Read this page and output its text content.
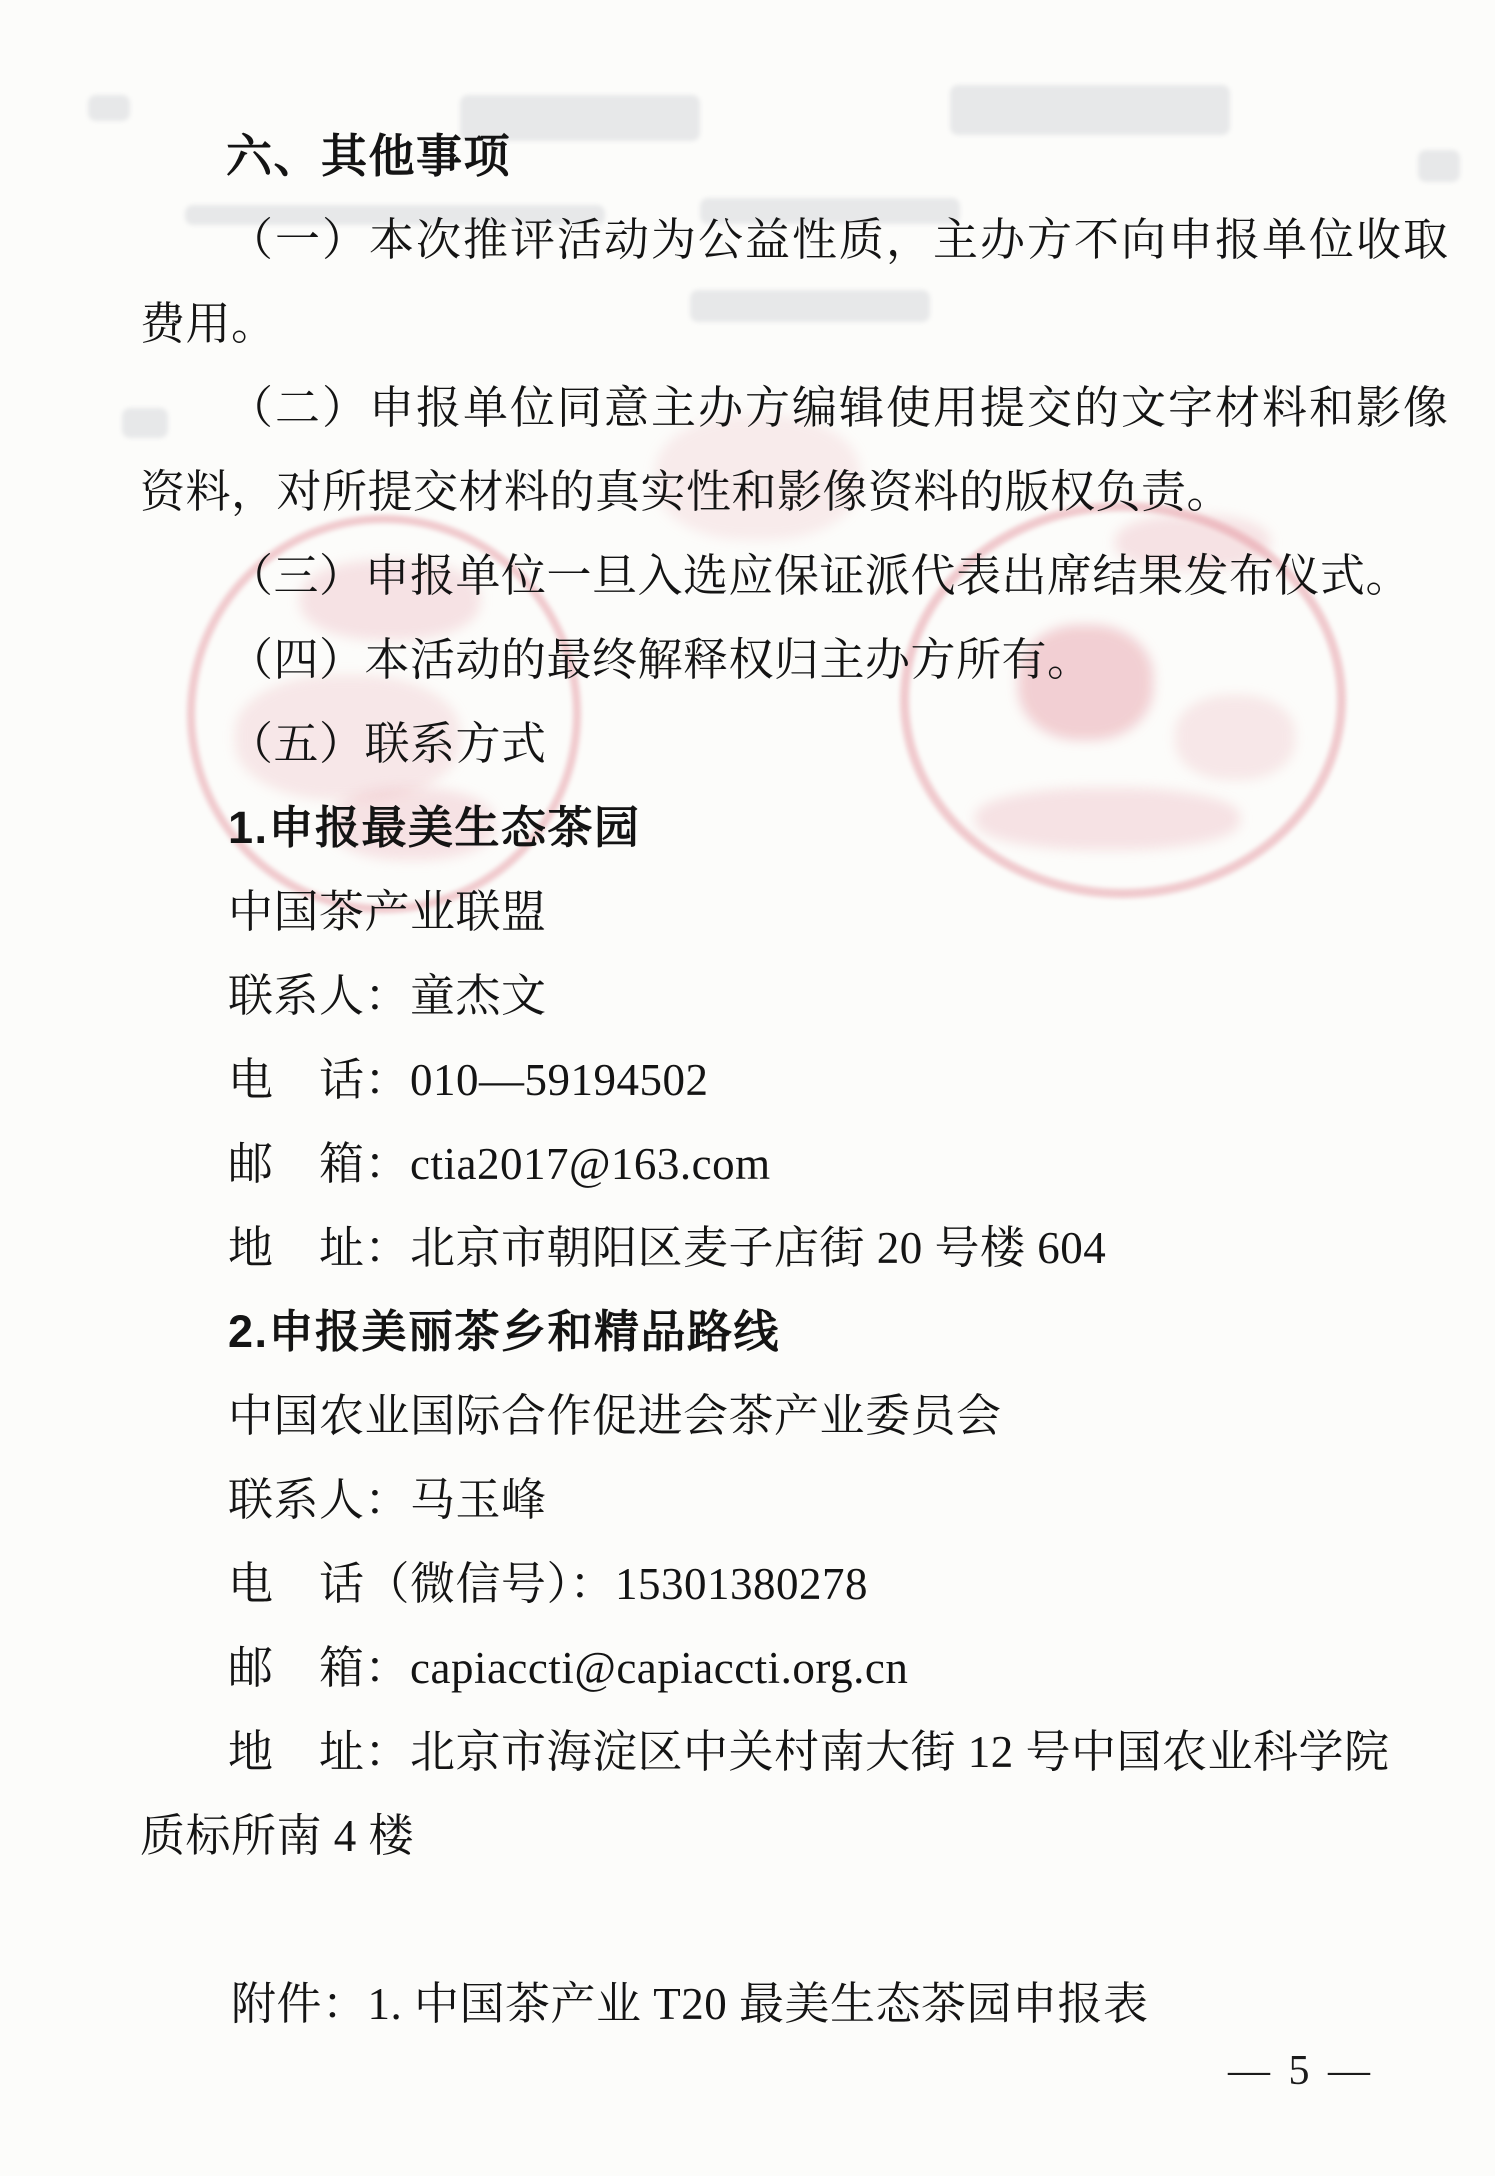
六、其他事项
（一）本次推评活动为公益性质，主办方不向申报单位收取
费用。
（二）申报单位同意主办方编辑使用提交的文字材料和影像
资料，对所提交材料的真实性和影像资料的版权负责。
（三）申报单位一旦入选应保证派代表出席结果发布仪式。
（四）本活动的最终解释权归主办方所有。
（五）联系方式
1.申报最美生态茶园
中国茶产业联盟
联系人：童杰文
电　话：010—59194502
邮　箱：ctia2017@163.com
地　址：北京市朝阳区麦子店街 20 号楼 604
2.申报美丽茶乡和精品路线
中国农业国际合作促进会茶产业委员会
联系人：马玉峰
电　话（微信号）：15301380278
邮　箱：capiaccti@capiaccti.org.cn
地　址：北京市海淀区中关村南大街 12 号中国农业科学院
质标所南 4 楼
附件：1. 中国茶产业 T20 最美生态茶园申报表
— 5 —
